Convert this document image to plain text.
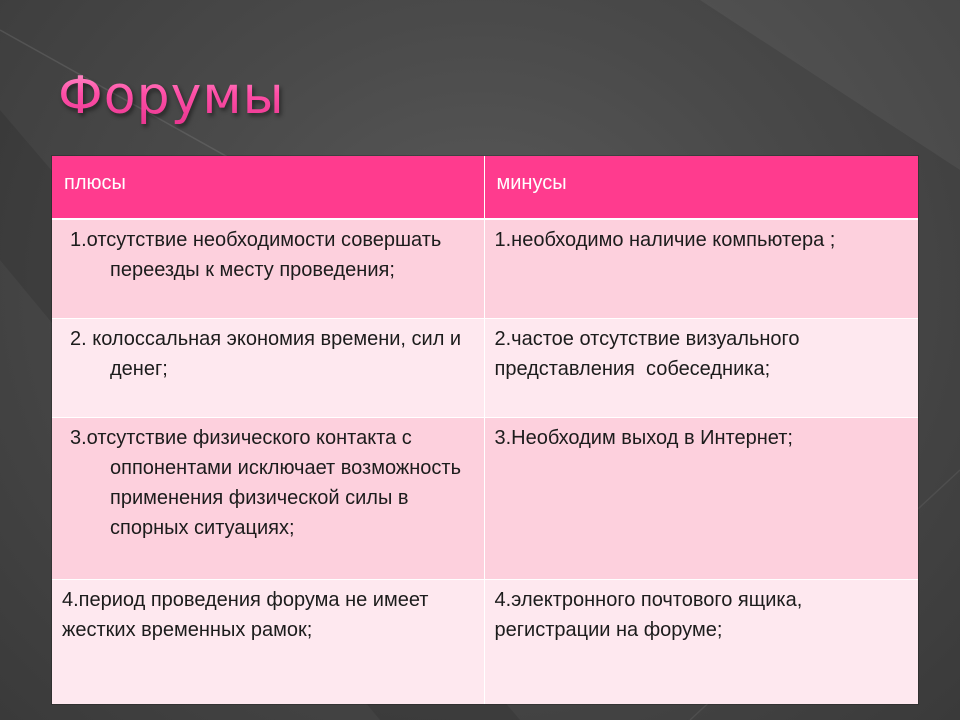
Форумы
плюсы	минусы

1.отсутствие необходимости совершать переезды к месту проведения;	1.необходимо наличие компьютера ;

2. колоссальная экономия времени, сил и денег;	2.частое отсутствие визуального представления  собеседника;

3.отсутствие физического контакта с оппонентами исключает возможность применения физической силы в спорных ситуациях;	3.Необходим выход в Интернет;

4.период проведения форума не имеет жестких временных рамок;	4.электронного почтового ящика, регистрации на форуме;
